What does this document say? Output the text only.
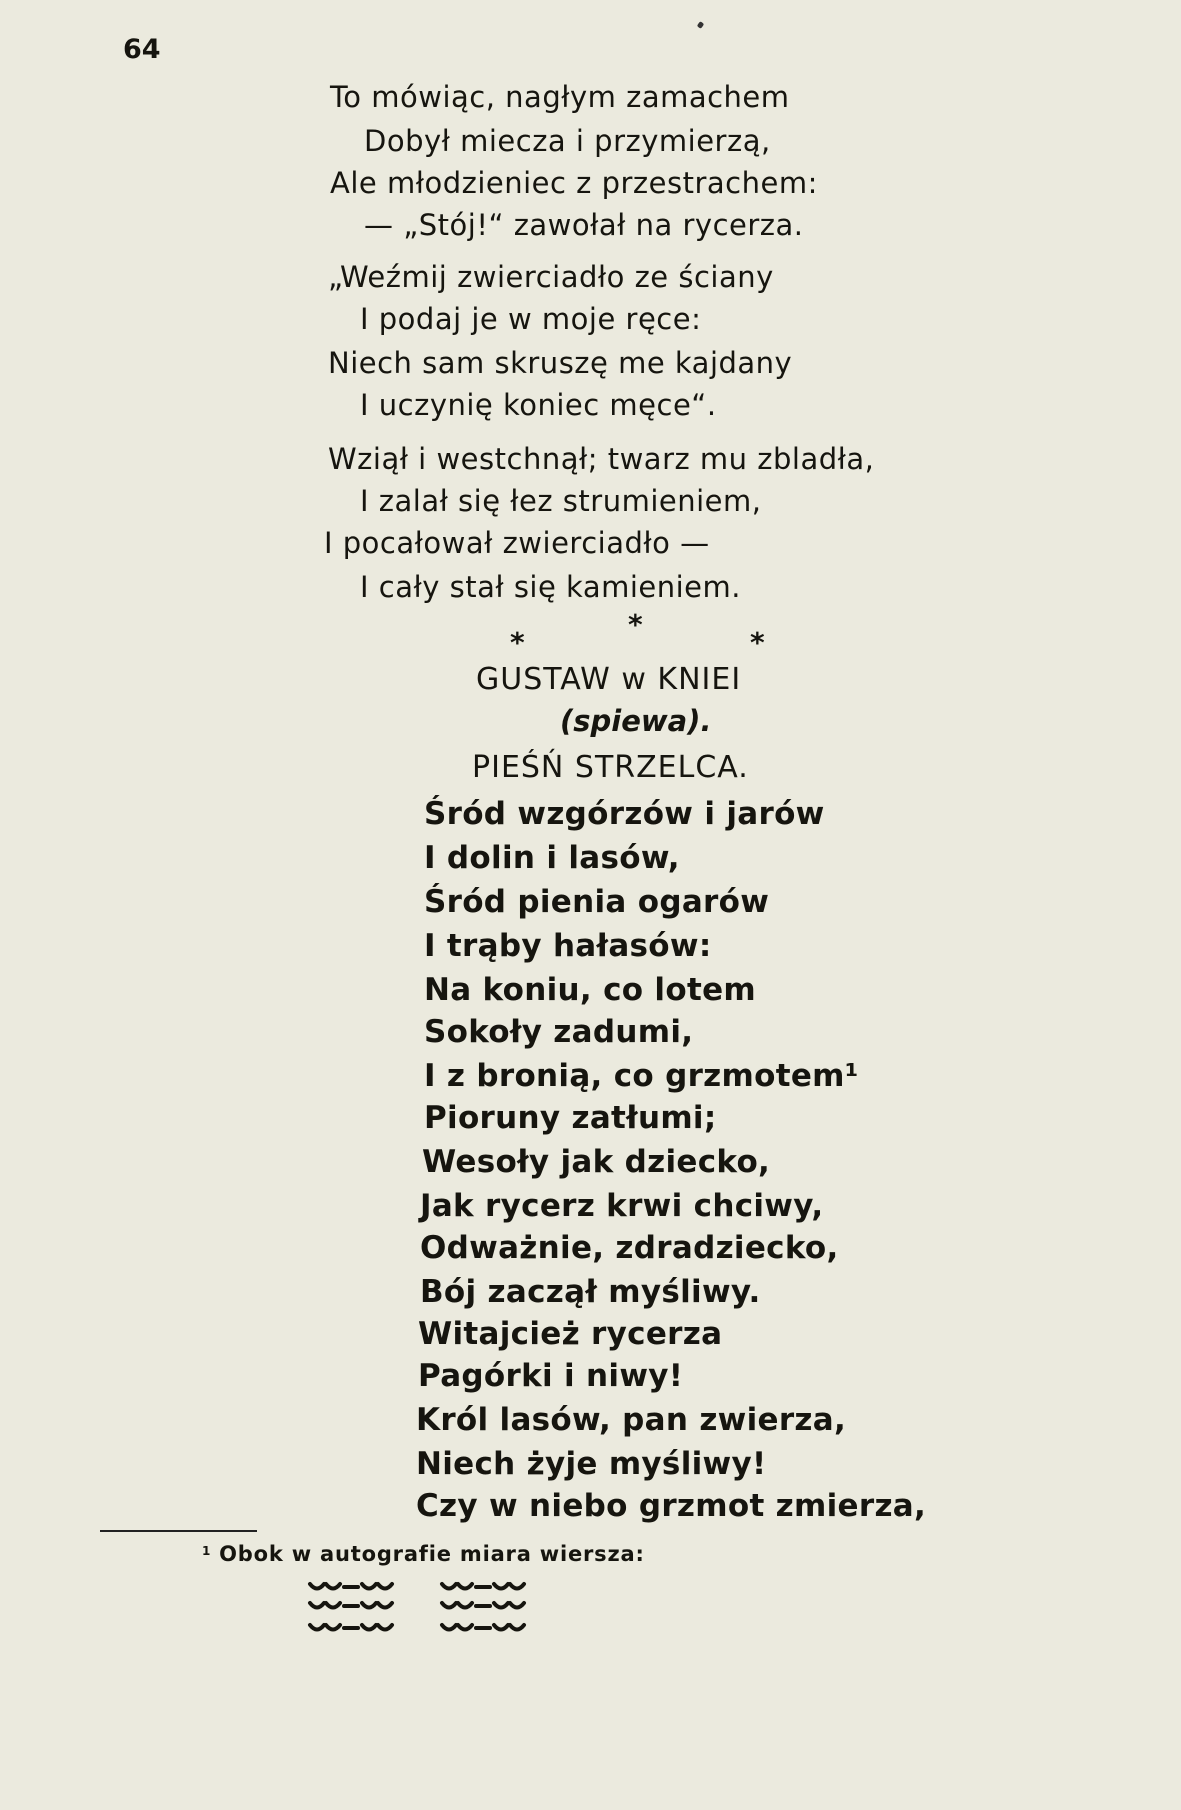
64
To mówiąc, nagłym zamachem
Dobył miecza i przymierzą,
Ale młodzieniec z przestrachem:
— „Stój!“ zawołał na rycerza.
„Weźmij zwierciadło ze ściany
I podaj je w moje ręce:
Niech sam skruszę me kajdany
I uczynię koniec męce“.
Wziął i westchnął; twarz mu zbladła,
I zalał się łez strumieniem,
I pocałował zwierciadło —
I cały stał się kamieniem.
*
*	*
GUSTAW w KNIEI
(spiewa).
PIEŚŃ STRZELCA.
Śród wzgórzów i jarów
I dolin i lasów,
Śród pienia ogarów
I trąby hałasów:
Na koniu, co lotem
Sokoły zadumi,
I z bronią, co grzmotem¹
Pioruny zatłumi;
Wesoły jak dziecko,
Jak rycerz krwi chciwy,
Odważnie, zdradziecko,
Bój zaczął myśliwy.
Witajcież rycerza
Pagórki i niwy!
Król lasów, pan zwierza,
Niech żyje myśliwy!
Czy w niebo grzmot zmierza,
$^1$ Obok w autografie miara wiersza:
